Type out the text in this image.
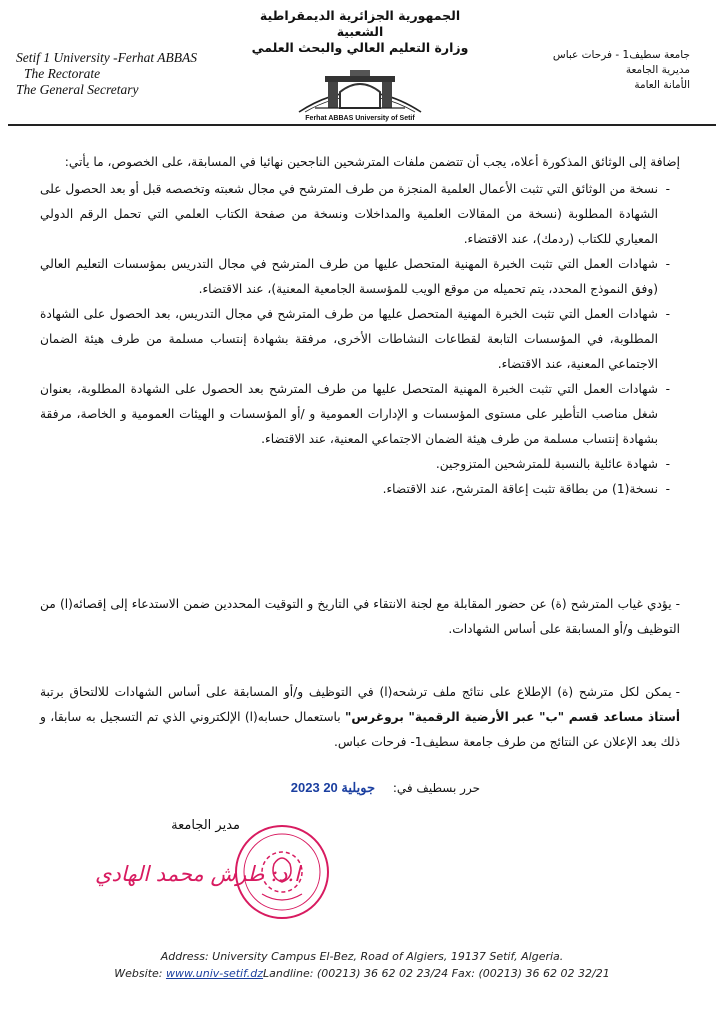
Setif 1 University -Ferhat ABBAS
The Rectorate
The General Secretary
الجمهورية الجزائرية الديمقراطية الشعبية
وزارة التعليم العالي والبحث العلمي
Ferhat ABBAS University of Setif
جامعة سطيف1 - فرحات عباس
مديرية الجامعة
الأمانة العامة
إضافة إلى الوثائق المذكورة أعلاه، يجب أن تتضمن ملفات المترشحين الناجحين نهائيا في المسابقة، على الخصوص، ما يأتي:
- نسخة من الوثائق التي تثبت الأعمال العلمية المنجزة من طرف المترشح في مجال شعبته وتخصصه قبل أو بعد الحصول على الشهادة المطلوبة (نسخة من المقالات العلمية والمداخلات ونسخة من صفحة الكتاب العلمي التي تحمل الرقم الدولي المعياري للكتاب (ردمك)، عند الاقتضاء.
- شهادات العمل التي تثبت الخبرة المهنية المتحصل عليها من طرف المترشح في مجال التدريس بمؤسسات التعليم العالي (وفق النموذج المحدد، يتم تحميله من موقع الويب للمؤسسة الجامعية المعنية)، عند الاقتضاء.
- شهادات العمل التي تثبت الخبرة المهنية المتحصل عليها من طرف المترشح في مجال التدريس، بعد الحصول على الشهادة المطلوبة، في المؤسسات التابعة لقطاعات النشاطات الأخرى، مرفقة بشهادة إنتساب مسلمة من طرف هيئة الضمان الاجتماعي المعنية، عند الاقتضاء.
- شهادات العمل التي تثبت الخبرة المهنية المتحصل عليها من طرف المترشح بعد الحصول على الشهادة المطلوبة، بعنوان شغل مناصب التأطير على مستوى المؤسسات و الإدارات العمومية و /أو المؤسسات و الهيئات العمومية و الخاصة، مرفقة بشهادة إنتساب مسلمة من طرف هيئة الضمان الاجتماعي المعنية، عند الاقتضاء.
- شهادة عائلية بالنسبة للمترشحين المتزوجين.
- نسخة(1) من بطاقة تثبت إعاقة المترشح، عند الاقتضاء.
-يؤدي غياب المترشح (ة) عن حضور المقابلة مع لجنة الانتقاء في التاريخ و التوقيت المحددين ضمن الاستدعاء إلى إقصائه(ا) من التوظيف و/أو المسابقة على أساس الشهادات.
-يمكن لكل مترشح (ة) الإطلاع على نتائج ملف ترشحه(ا) في التوظيف و/أو المسابقة على أساس الشهادات للالتحاق برتبة أستاذ مساعد قسم "ب" عبر الأرضية الرقمية" بروغرس" باستعمال حسابه(ا) الإلكتروني الذي تم التسجيل به سابقا، و ذلك بعد الإعلان عن النتائج من طرف جامعة سطيف1- فرحات عباس.
حرر بسطيف في: 2023 جويلية 20
مدير الجامعة
ا.د: طرش محمد الهادي
Address: University Campus El-Bez, Road of Algiers, 19137 Setif, Algeria.
Website: www.univ-setif.dzLandline: (00213) 36 62 02 23/24 Fax: (00213) 36 62 02 32/21
